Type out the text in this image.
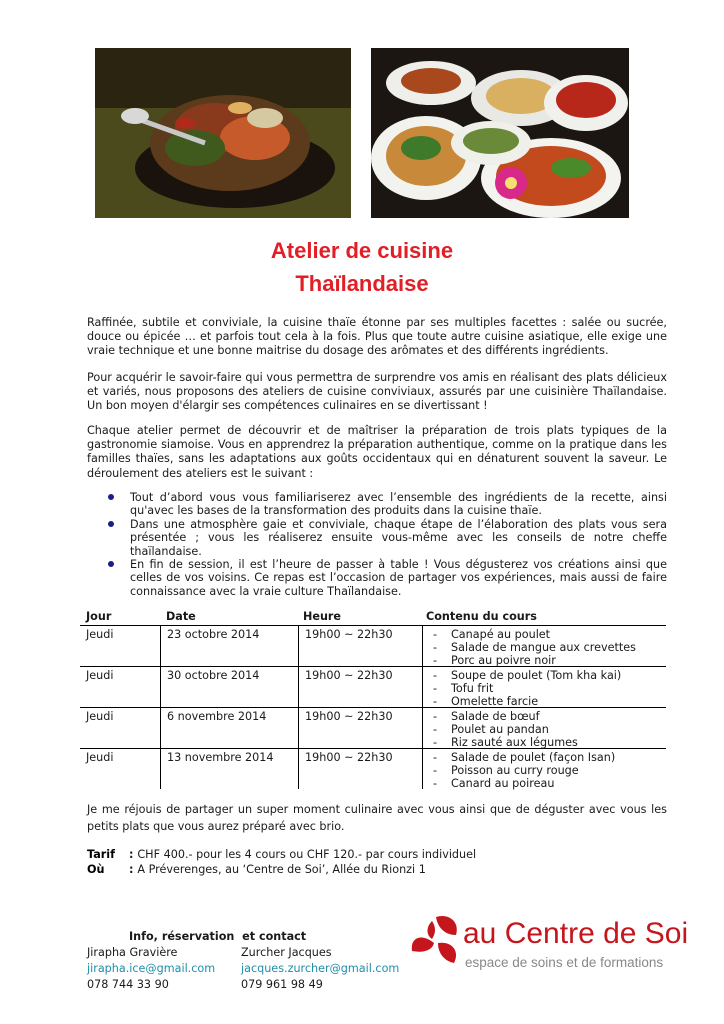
Atelier de cuisine
Thaïlandaise

Raffinée, subtile et conviviale, la cuisine thaïe étonne par ses multiples facettes : salée ou sucrée, douce ou épicée … et parfois tout cela à la fois. Plus que toute autre cuisine asiatique, elle exige une vraie technique et une bonne maitrise du dosage des arômates et des différents ingrédients.

Pour acquérir le savoir-faire qui vous permettra de surprendre vos amis en réalisant des plats délicieux et variés, nous proposons des ateliers de cuisine conviviaux, assurés par une cuisinière Thaïlandaise. Un bon moyen d'élargir ses compétences culinaires en se divertissant !

Chaque atelier permet de découvrir et de maîtriser la préparation de trois plats typiques de la gastronomie siamoise. Vous en apprendrez la préparation authentique, comme on la pratique dans les familles thaïes, sans les adaptations aux goûts occidentaux qui en dénaturent souvent la saveur. Le déroulement des ateliers est le suivant :

Tout d’abord vous vous familiariserez avec l’ensemble des ingrédients de la recette, ainsi qu'avec les bases de la transformation des produits dans la cuisine thaïe.
Dans une atmosphère gaie et conviviale, chaque étape de l’élaboration des plats vous sera présentée ; vous les réaliserez ensuite vous-même avec les conseils de notre cheffe thaïlandaise.
En fin de session, il est l’heure de passer à table ! Vous dégusterez vos créations ainsi que celles de vos voisins. Ce repas est l’occasion de partager vos expériences, mais aussi de faire connaissance avec la vraie culture Thaïlandaise.
Jour	Date	Heure	Contenu du cours
Jeudi	23 octobre 2014	19h00 ~ 22h30	- Canapé au poulet
- Salade de mangue aux crevettes
- Porc au poivre noir
Jeudi	30 octobre 2014	19h00 ~ 22h30	- Soupe de poulet (Tom kha kai)
- Tofu frit
- Omelette farcie
Jeudi	6 novembre 2014	19h00 ~ 22h30	- Salade de bœuf
- Poulet au pandan
- Riz sauté aux légumes
Jeudi	13 novembre 2014	19h00 ~ 22h30	- Salade de poulet (façon Isan)
- Poisson au curry rouge
- Canard au poireau

Je me réjouis de partager un super moment culinaire avec vous ainsi que de déguster avec vous les petits plats que vous aurez préparé avec brio.

Tarif : CHF 400.- pour les 4 cours ou CHF 120.- par cours individuel
Où : A Préverenges, au ‘Centre de Soi’, Allée du Rionzi 1
Info, réservation  et contact
Jirapha Gravière
jirapha.ice@gmail.com
078 744 33 90
Zurcher Jacques
jacques.zurcher@gmail.com
079 961 98 49
au Centre de Soi
espace de soins et de formations
